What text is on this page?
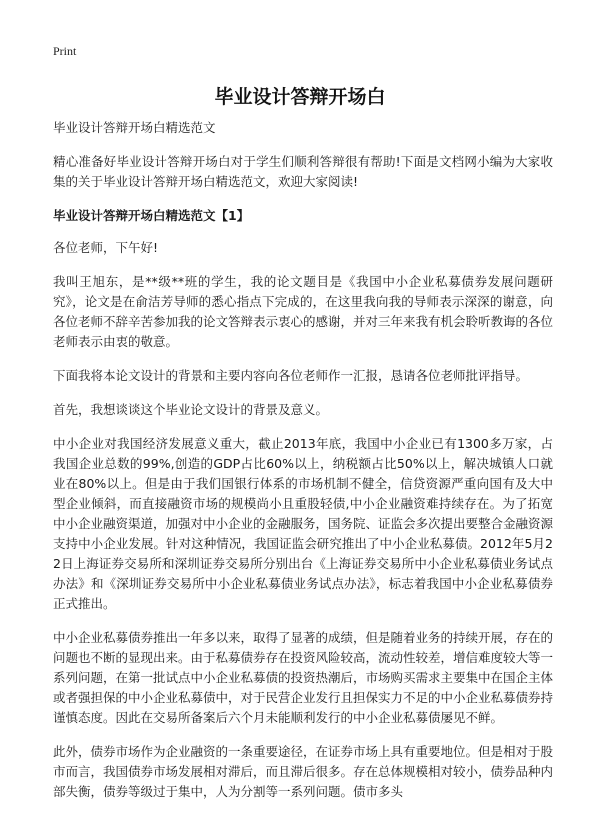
Print
毕业设计答辩开场白

毕业设计答辩开场白精选范文

精心准备好毕业设计答辩开场白对于学生们顺利答辩很有帮助!下面是文档网小编为大家收集的关于毕业设计答辩开场白精选范文，欢迎大家阅读!

毕业设计答辩开场白精选范文【1】

各位老师，下午好!

我叫王旭东，是**级**班的学生，我的论文题目是《我国中小企业私募债券发展问题研究》，论文是在俞洁芳导师的悉心指点下完成的，在这里我向我的导师表示深深的谢意，向各位老师不辞辛苦参加我的论文答辩表示衷心的感谢，并对三年来我有机会聆听教诲的各位老师表示由衷的敬意。

下面我将本论文设计的背景和主要内容向各位老师作一汇报，恳请各位老师批评指导。

首先，我想谈谈这个毕业论文设计的背景及意义。

中小企业对我国经济发展意义重大，截止2013年底，我国中小企业已有1300多万家，占我国企业总数的99%,创造的GDP占比60%以上，纳税额占比50%以上，解决城镇人口就业在80%以上。但是由于我们国银行体系的市场机制不健全，信贷资源严重向国有及大中型企业倾斜，而直接融资市场的规模尚小且重股轻债,中小企业融资难持续存在。为了拓宽中小企业融资渠道，加强对中小企业的金融服务，国务院、证监会多次提出要整合金融资源支持中小企业发展。针对这种情况，我国证监会研究推出了中小企业私募债。2012年5月22日上海证券交易所和深圳证券交易所分别出台《上海证券交易所中小企业私募债业务试点办法》和《深圳证券交易所中小企业私募债业务试点办法》，标志着我国中小企业私募债券正式推出。

中小企业私募债券推出一年多以来，取得了显著的成绩，但是随着业务的持续开展，存在的问题也不断的显现出来。由于私募债券存在投资风险较高，流动性较差，增信难度较大等一系列问题，在第一批试点中小企业私募债的投资热潮后，市场购买需求主要集中在国企主体或者强担保的中小企业私募债中，对于民营企业发行且担保实力不足的中小企业私募债券持谨慎态度。因此在交易所备案后六个月未能顺利发行的中小企业私募债屡见不鲜。

此外，债券市场作为企业融资的一条重要途径，在证券市场上具有重要地位。但是相对于股市而言，我国债券市场发展相对滞后，而且滞后很多。存在总体规模相对较小，债券品种内部失衡，债券等级过于集中，人为分割等一系列问题。债市多头
